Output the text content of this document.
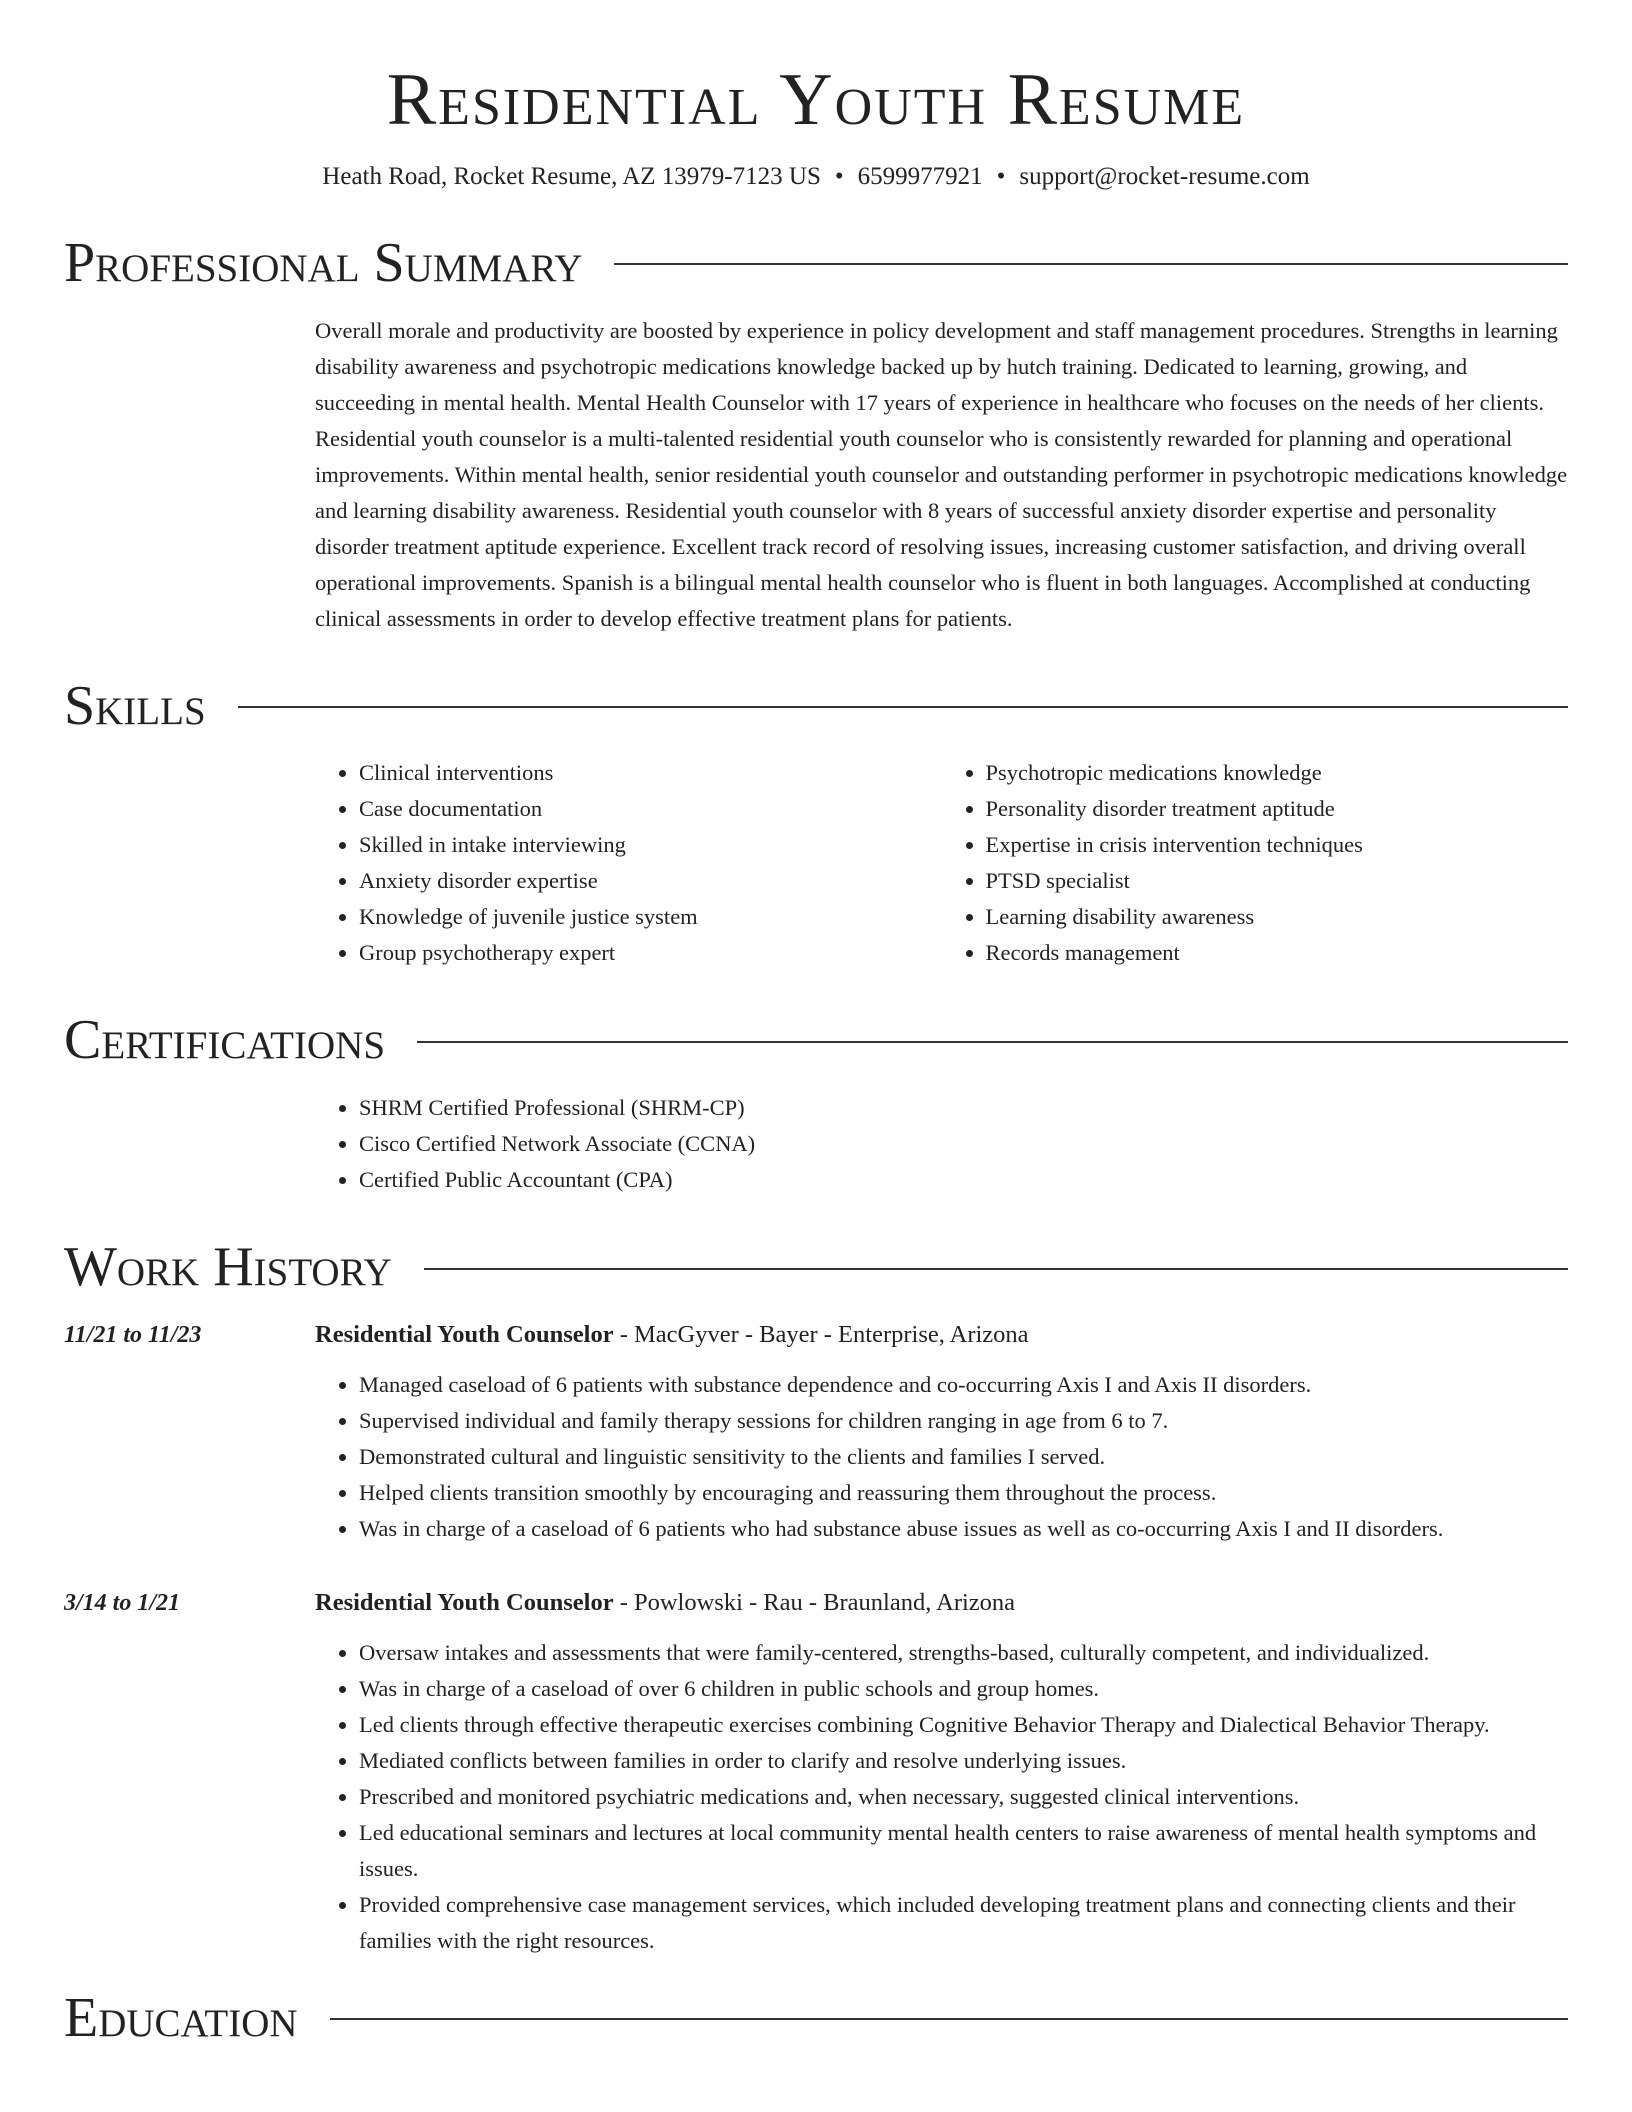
Residential Youth Resume
Heath Road, Rocket Resume, AZ 13979-7123 US • 6599977921 • support@rocket-resume.com
Professional Summary
Overall morale and productivity are boosted by experience in policy development and staff management procedures. Strengths in learning disability awareness and psychotropic medications knowledge backed up by hutch training. Dedicated to learning, growing, and succeeding in mental health. Mental Health Counselor with 17 years of experience in healthcare who focuses on the needs of her clients. Residential youth counselor is a multi-talented residential youth counselor who is consistently rewarded for planning and operational improvements. Within mental health, senior residential youth counselor and outstanding performer in psychotropic medications knowledge and learning disability awareness. Residential youth counselor with 8 years of successful anxiety disorder expertise and personality disorder treatment aptitude experience. Excellent track record of resolving issues, increasing customer satisfaction, and driving overall operational improvements. Spanish is a bilingual mental health counselor who is fluent in both languages. Accomplished at conducting clinical assessments in order to develop effective treatment plans for patients.
Skills
• Clinical interventions
• Case documentation
• Skilled in intake interviewing
• Anxiety disorder expertise
• Knowledge of juvenile justice system
• Group psychotherapy expert
• Psychotropic medications knowledge
• Personality disorder treatment aptitude
• Expertise in crisis intervention techniques
• PTSD specialist
• Learning disability awareness
• Records management
Certifications
• SHRM Certified Professional (SHRM-CP)
• Cisco Certified Network Associate (CCNA)
• Certified Public Accountant (CPA)
Work History
11/21 to 11/23	Residential Youth Counselor - MacGyver - Bayer - Enterprise, Arizona
• Managed caseload of 6 patients with substance dependence and co-occurring Axis I and Axis II disorders.
• Supervised individual and family therapy sessions for children ranging in age from 6 to 7.
• Demonstrated cultural and linguistic sensitivity to the clients and families I served.
• Helped clients transition smoothly by encouraging and reassuring them throughout the process.
• Was in charge of a caseload of 6 patients who had substance abuse issues as well as co-occurring Axis I and II disorders.
3/14 to 1/21	Residential Youth Counselor - Powlowski - Rau - Braunland, Arizona
• Oversaw intakes and assessments that were family-centered, strengths-based, culturally competent, and individualized.
• Was in charge of a caseload of over 6 children in public schools and group homes.
• Led clients through effective therapeutic exercises combining Cognitive Behavior Therapy and Dialectical Behavior Therapy.
• Mediated conflicts between families in order to clarify and resolve underlying issues.
• Prescribed and monitored psychiatric medications and, when necessary, suggested clinical interventions.
• Led educational seminars and lectures at local community mental health centers to raise awareness of mental health symptoms and issues.
• Provided comprehensive case management services, which included developing treatment plans and connecting clients and their families with the right resources.
Education
